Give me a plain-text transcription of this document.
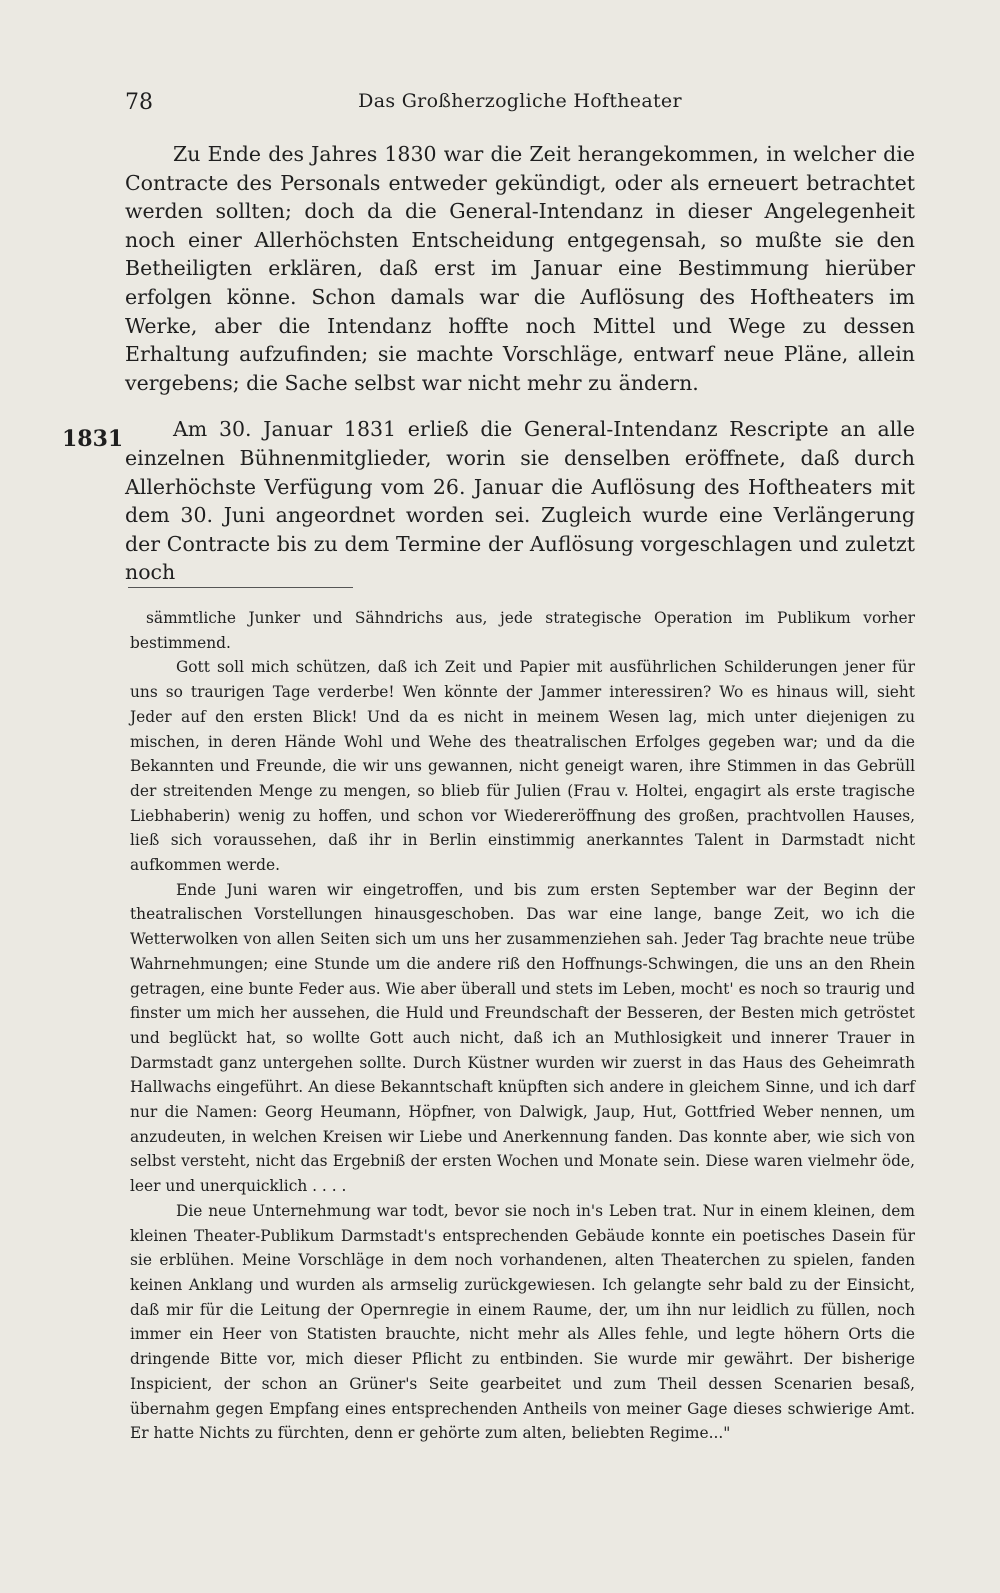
78	Das Großherzogliche Hoftheater
1831

Zu Ende des Jahres 1830 war die Zeit herangekommen, in welcher die Contracte des Personals entweder gekündigt, oder als erneuert betrachtet werden sollten; doch da die General-Intendanz in dieser Angelegenheit noch einer Allerhöchsten Entscheidung entgegensah, so mußte sie den Betheiligten erklären, daß erst im Januar eine Bestimmung hierüber erfolgen könne. Schon damals war die Auflösung des Hoftheaters im Werke, aber die Intendanz hoffte noch Mittel und Wege zu dessen Erhaltung aufzufinden; sie machte Vorschläge, entwarf neue Pläne, allein vergebens; die Sache selbst war nicht mehr zu ändern.

Am 30. Januar 1831 erließ die General-Intendanz Rescripte an alle einzelnen Bühnenmitglieder, worin sie denselben eröffnete, daß durch Allerhöchste Verfügung vom 26. Januar die Auflösung des Hoftheaters mit dem 30. Juni angeordnet worden sei. Zugleich wurde eine Verlängerung der Contracte bis zu dem Termine der Auflösung vorgeschlagen und zuletzt noch

sämmtliche Junker und Sähndrichs aus, jede strategische Operation im Publikum vorher bestimmend.

Gott soll mich schützen, daß ich Zeit und Papier mit ausführlichen Schilderungen jener für uns so traurigen Tage verderbe! Wen könnte der Jammer interessiren? Wo es hinaus will, sieht Jeder auf den ersten Blick! Und da es nicht in meinem Wesen lag, mich unter diejenigen zu mischen, in deren Hände Wohl und Wehe des theatralischen Erfolges gegeben war; und da die Bekannten und Freunde, die wir uns gewannen, nicht geneigt waren, ihre Stimmen in das Gebrüll der streitenden Menge zu mengen, so blieb für Julien (Frau v. Holtei, engagirt als erste tragische Liebhaberin) wenig zu hoffen, und schon vor Wiedereröffnung des großen, prachtvollen Hauses, ließ sich voraussehen, daß ihr in Berlin einstimmig anerkanntes Talent in Darmstadt nicht aufkommen werde.

Ende Juni waren wir eingetroffen, und bis zum ersten September war der Beginn der theatralischen Vorstellungen hinausgeschoben. Das war eine lange, bange Zeit, wo ich die Wetterwolken von allen Seiten sich um uns her zusammenziehen sah. Jeder Tag brachte neue trübe Wahrnehmungen; eine Stunde um die andere riß den Hoffnungs-Schwingen, die uns an den Rhein getragen, eine bunte Feder aus. Wie aber überall und stets im Leben, mocht' es noch so traurig und finster um mich her aussehen, die Huld und Freundschaft der Besseren, der Besten mich getröstet und beglückt hat, so wollte Gott auch nicht, daß ich an Muthlosigkeit und innerer Trauer in Darmstadt ganz untergehen sollte. Durch Küstner wurden wir zuerst in das Haus des Geheimrath Hallwachs eingeführt. An diese Bekanntschaft knüpften sich andere in gleichem Sinne, und ich darf nur die Namen: Georg Heumann, Höpfner, von Dalwigk, Jaup, Hut, Gottfried Weber nennen, um anzudeuten, in welchen Kreisen wir Liebe und Anerkennung fanden. Das konnte aber, wie sich von selbst versteht, nicht das Ergebniß der ersten Wochen und Monate sein. Diese waren vielmehr öde, leer und unerquicklich . . . .

Die neue Unternehmung war todt, bevor sie noch in's Leben trat. Nur in einem kleinen, dem kleinen Theater-Publikum Darmstadt's entsprechenden Gebäude konnte ein poetisches Dasein für sie erblühen. Meine Vorschläge in dem noch vorhandenen, alten Theaterchen zu spielen, fanden keinen Anklang und wurden als armselig zurückgewiesen. Ich gelangte sehr bald zu der Einsicht, daß mir für die Leitung der Opernregie in einem Raume, der, um ihn nur leidlich zu füllen, noch immer ein Heer von Statisten brauchte, nicht mehr als Alles fehle, und legte höhern Orts die dringende Bitte vor, mich dieser Pflicht zu entbinden. Sie wurde mir gewährt. Der bisherige Inspicient, der schon an Grüner's Seite gearbeitet und zum Theil dessen Scenarien besaß, übernahm gegen Empfang eines entsprechenden Antheils von meiner Gage dieses schwierige Amt. Er hatte Nichts zu fürchten, denn er gehörte zum alten, beliebten Regime..."
